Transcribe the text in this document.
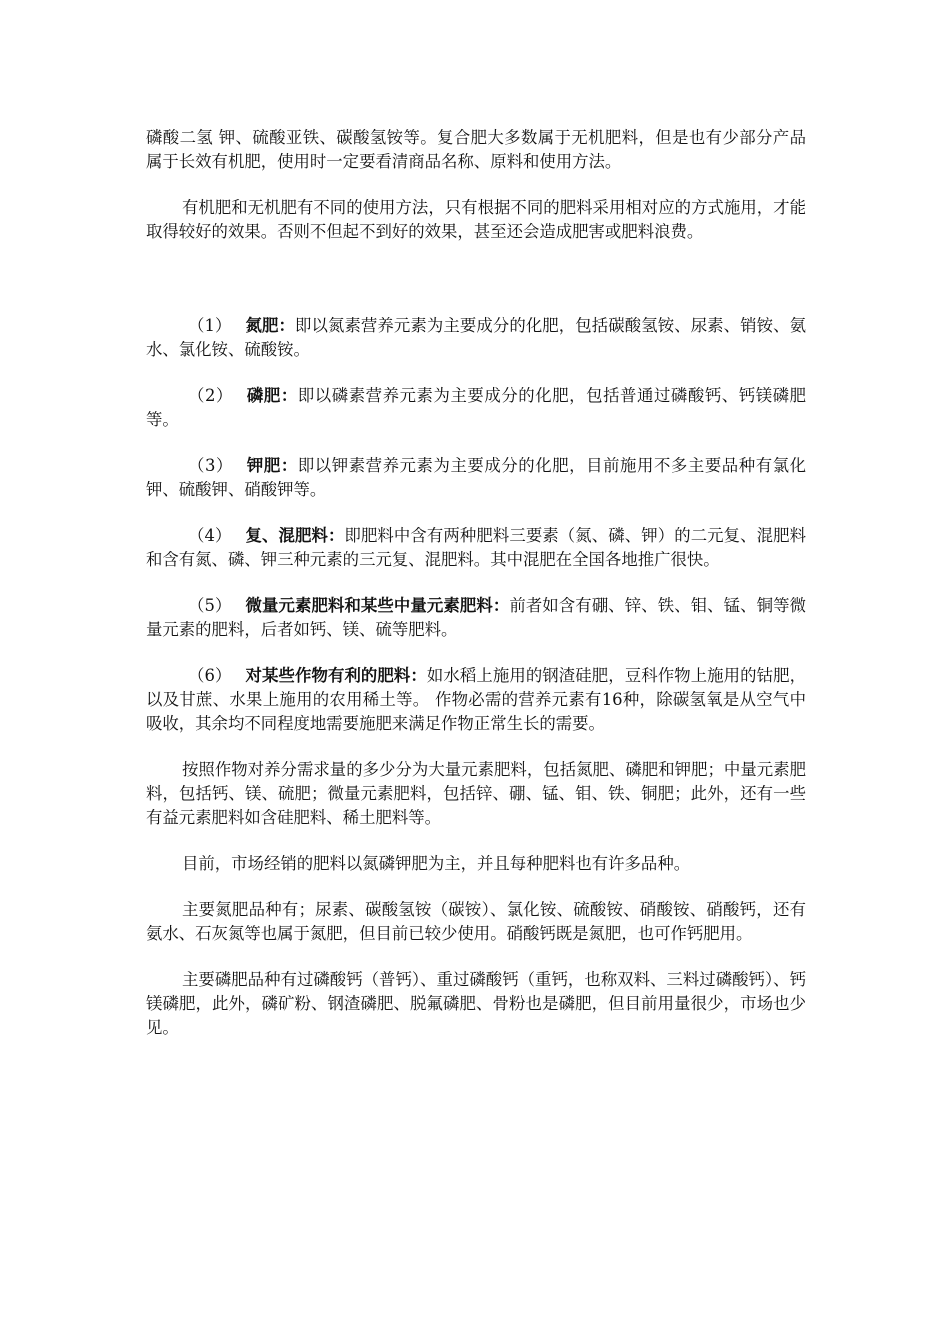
磷酸二氢 钾、硫酸亚铁、碳酸氢铵等。复合肥大多数属于无机肥料，但是也有少部分产品属于长效有机肥，使用时一定要看清商品名称、原料和使用方法。

有机肥和无机肥有不同的使用方法，只有根据不同的肥料采用相对应的方式施用，才能取得较好的效果。否则不但起不到好的效果，甚至还会造成肥害或肥料浪费。

（1） 氮肥：即以氮素营养元素为主要成分的化肥，包括碳酸氢铵、尿素、销铵、氨水、氯化铵、硫酸铵。

（2） 磷肥：即以磷素营养元素为主要成分的化肥，包括普通过磷酸钙、钙镁磷肥等。

（3） 钾肥：即以钾素营养元素为主要成分的化肥，目前施用不多主要品种有氯化钾、硫酸钾、硝酸钾等。

（4） 复、混肥料：即肥料中含有两种肥料三要素（氮、磷、钾）的二元复、混肥料和含有氮、磷、钾三种元素的三元复、混肥料。其中混肥在全国各地推广很快。

（5） 微量元素肥料和某些中量元素肥料：前者如含有硼、锌、铁、钼、锰、铜等微量元素的肥料，后者如钙、镁、硫等肥料。

（6） 对某些作物有利的肥料：如水稻上施用的钢渣硅肥，豆科作物上施用的钴肥，以及甘蔗、水果上施用的农用稀土等。 作物必需的营养元素有16种，除碳氢氧是从空气中吸收，其余均不同程度地需要施肥来满足作物正常生长的需要。

按照作物对养分需求量的多少分为大量元素肥料，包括氮肥、磷肥和钾肥；中量元素肥料，包括钙、镁、硫肥；微量元素肥料，包括锌、硼、锰、钼、铁、铜肥；此外，还有一些有益元素肥料如含硅肥料、稀土肥料等。

目前，市场经销的肥料以氮磷钾肥为主，并且每种肥料也有许多品种。

主要氮肥品种有；尿素、碳酸氢铵（碳铵）、氯化铵、硫酸铵、硝酸铵、硝酸钙，还有氨水、石灰氮等也属于氮肥，但目前已较少使用。硝酸钙既是氮肥，也可作钙肥用。

主要磷肥品种有过磷酸钙（普钙）、重过磷酸钙（重钙，也称双料、三料过磷酸钙）、钙镁磷肥，此外，磷矿粉、钢渣磷肥、脱氟磷肥、骨粉也是磷肥，但目前用量很少，市场也少见。
